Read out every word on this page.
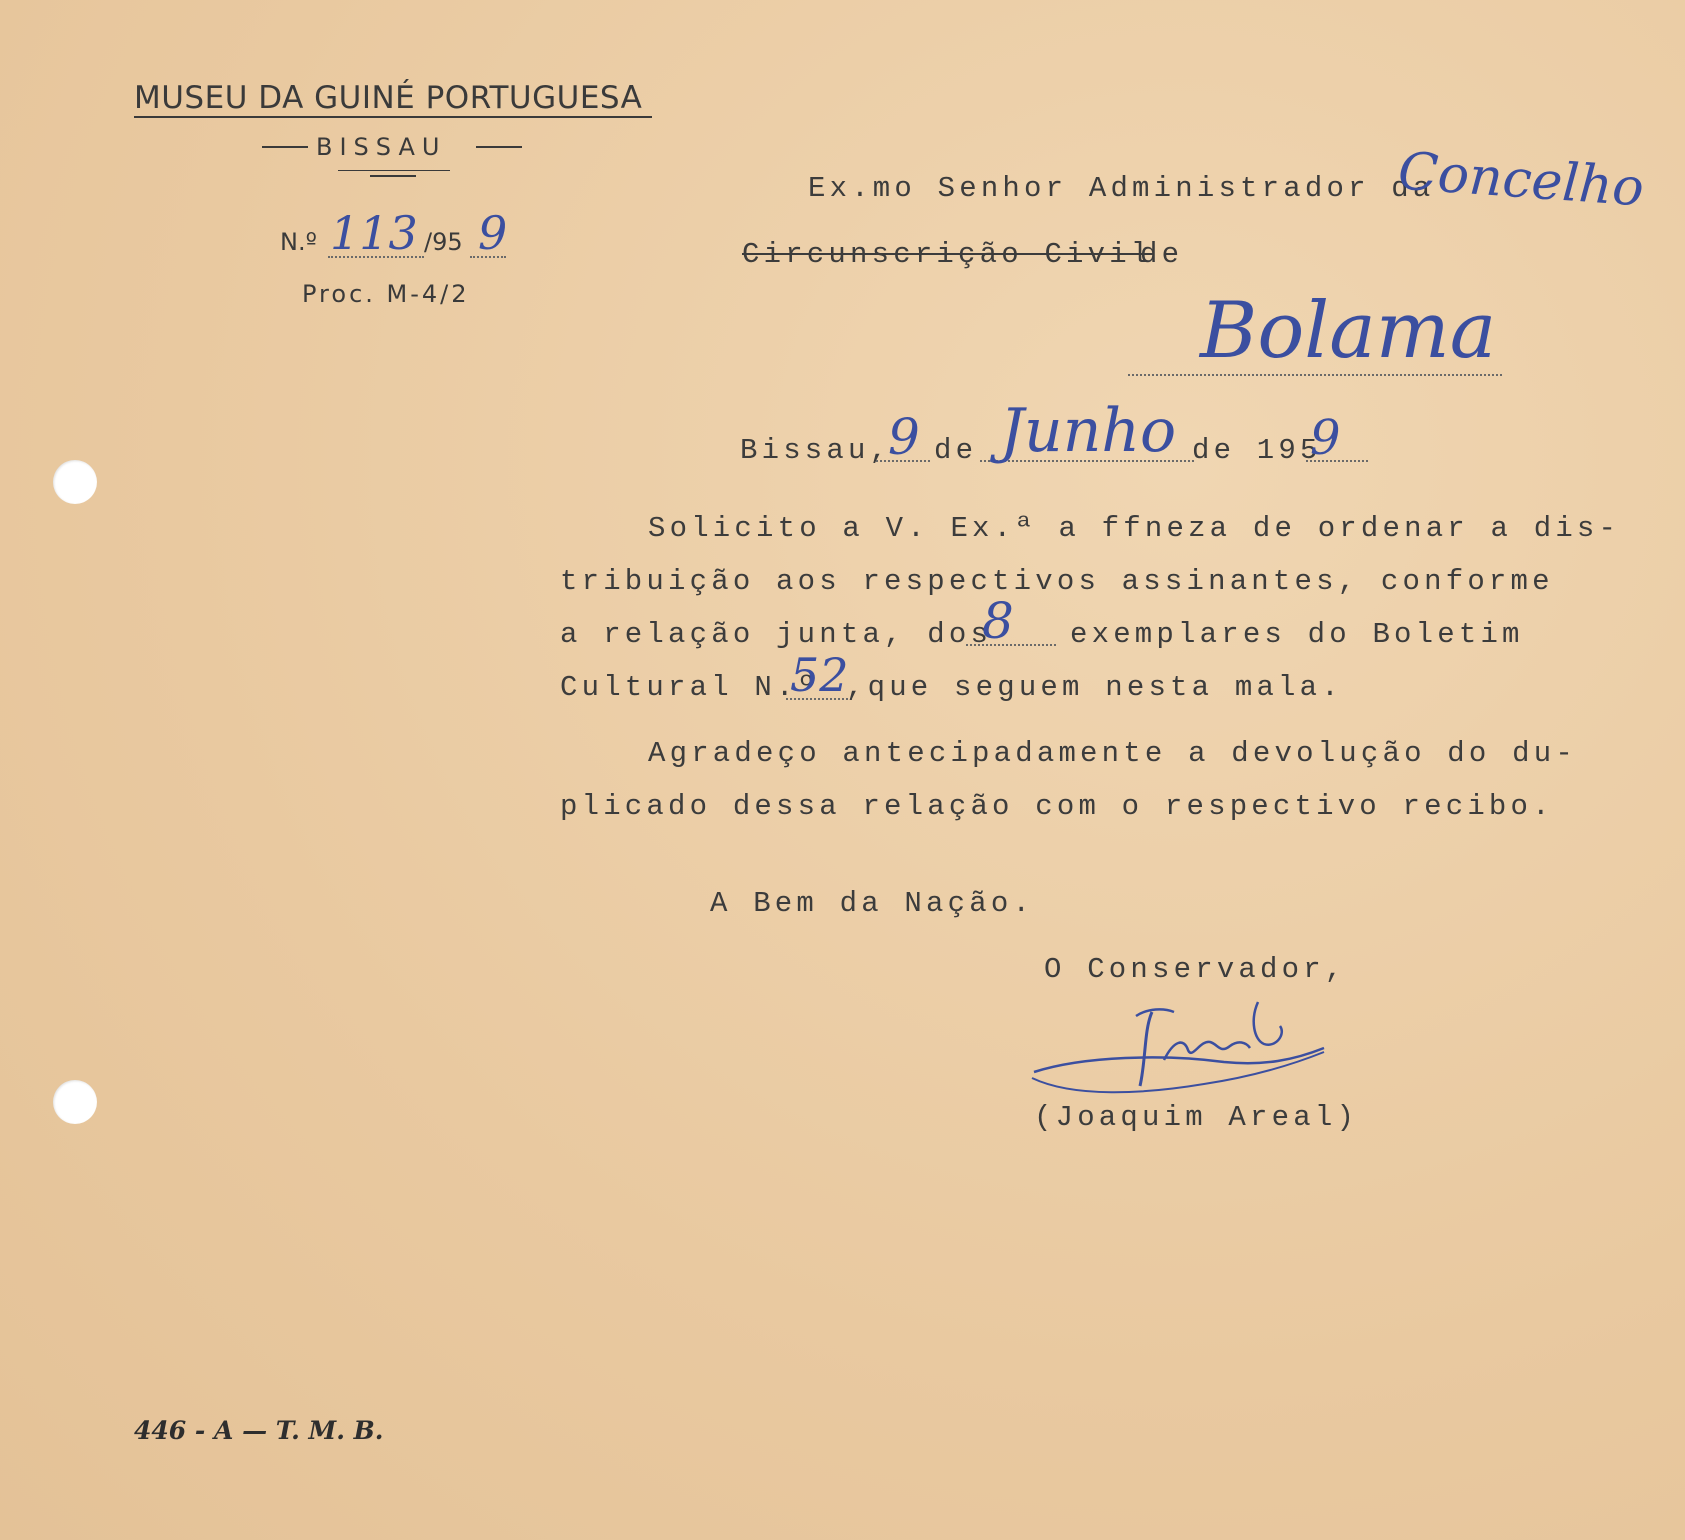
MUSEU DA GUINÉ PORTUGUESA
BISSAU
N.º 113 /95 9
Proc. M-4/2
Ex.mo Senhor Administrador da
Concelho
Circunscrição Civil
de
Bolama
Bissau,
9 de Junho de 195
9
Solicito a V. Ex.ª a ffneza de ordenar a dis-
tribuição aos respectivos assinantes, conforme
a relação junta, dos
8 exemplares do Boletim
Cultural N.º
52
,que seguem nesta mala.
Agradeço antecipadamente a devolução do du-
plicado dessa relação com o respectivo recibo.
A Bem da Nação.
O Conservador,
(Joaquim Areal)
446 - A — T. M. B.
